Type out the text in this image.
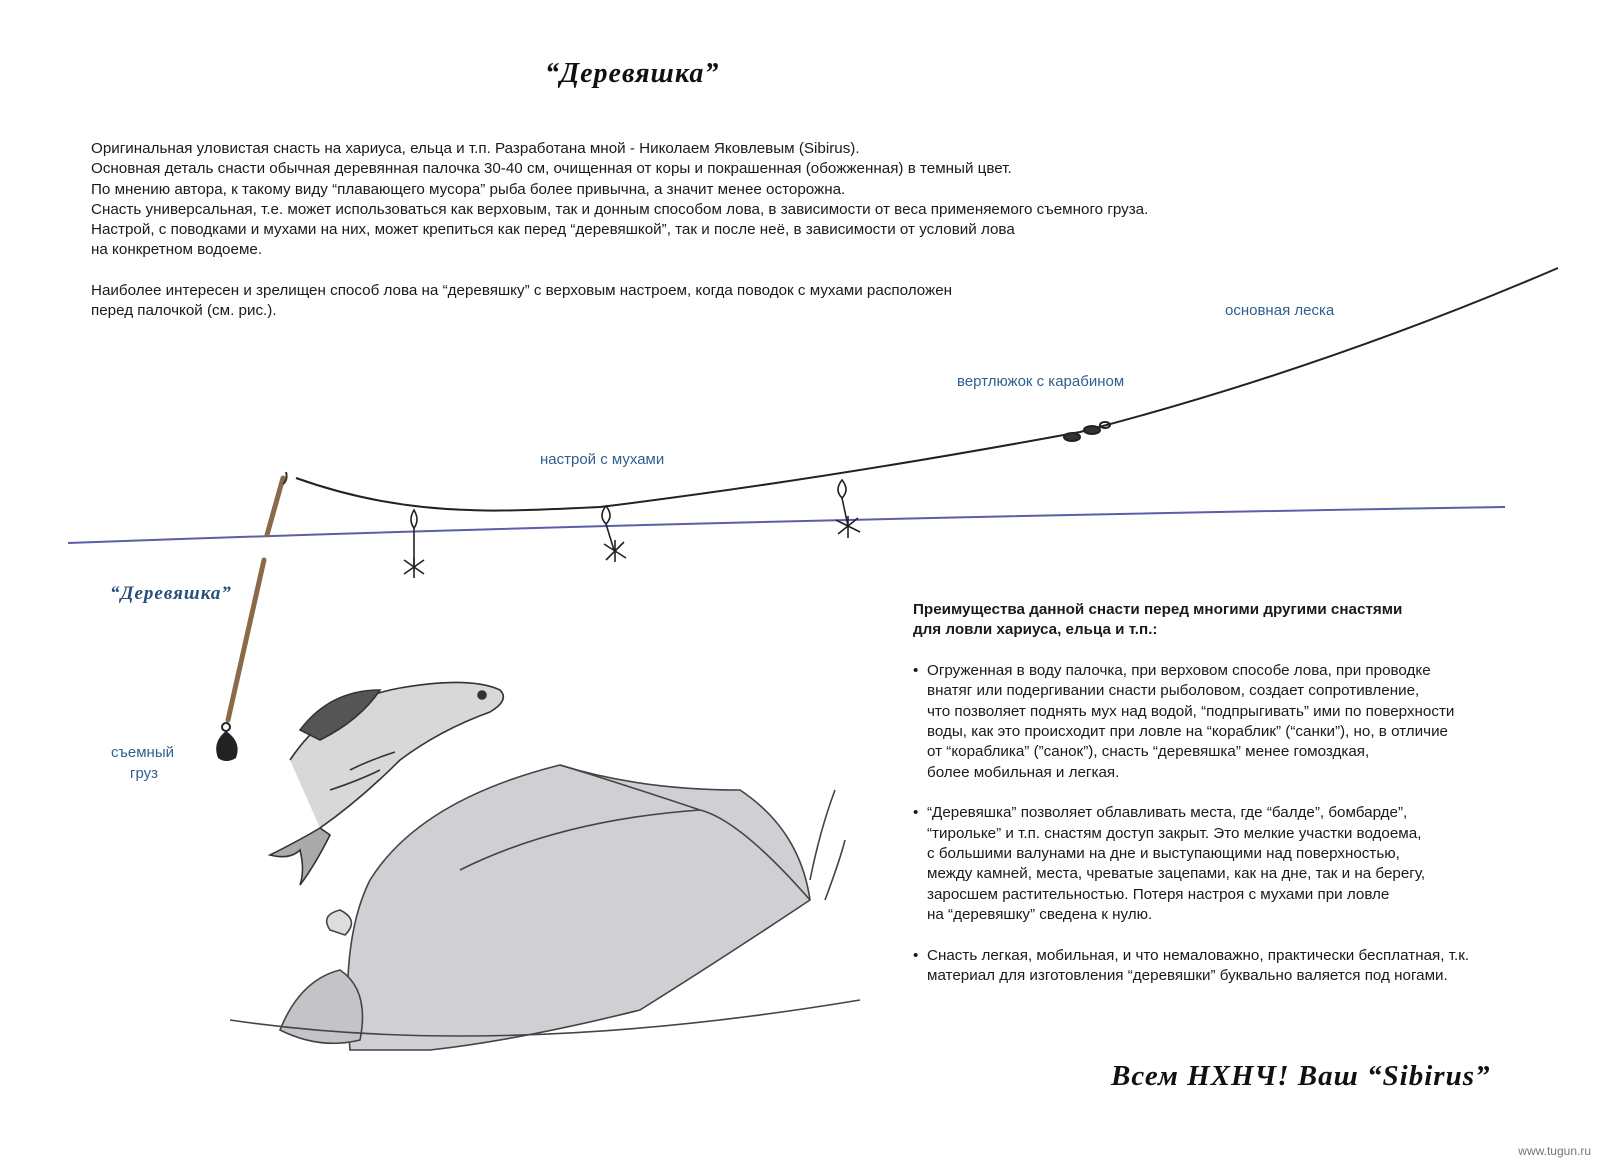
“Деревяшка”

Оригинальная уловистая снасть на хариуса, ельца и т.п. Разработана мной - Николаем Яковлевым (Sibirus).

Основная деталь снасти обычная деревянная палочка 30-40 см, очищенная от коры и покрашенная (обожженная) в темный цвет.

По мнению автора, к такому виду “плавающего мусора” рыба более привычна, а значит менее осторожна.

Снасть универсальная, т.е. может использоваться как верховым, так и донным способом лова, в зависимости от веса применяемого съемного груза.

Настрой, с поводками и мухами на них, может крепиться как перед “деревяшкой”, так и после неё, в зависимости от условий лова

на конкретном водоеме.

Наиболее интересен и зрелищен способ лова на “деревяшку” с верховым настроем, когда поводок с мухами расположен

перед палочкой (см. рис.).	основная леска
вертлюжок с карабином
настрой с мухами
“Деревяшка”
съемный
груз
Преимущества данной снасти перед многими другими снастями
для ловли хариуса, ельца и т.п.:
• Огруженная в воду палочка, при верховом способе лова, при проводке
внатяг или подергивании снасти рыболовом, создает сопротивление,
что позволяет поднять мух над водой, “подпрыгивать” ими по поверхности
воды, как это происходит при ловле на “кораблик” (“санки”), но, в отличие
от “кораблика” (”санок”), снасть “деревяшка” менее гомоздкая,
более мобильная и легкая.
• “Деревяшка” позволяет облавливать места, где “балде”, бомбарде”,
“тирольке” и т.п. снастям доступ закрыт. Это мелкие участки водоема,
с большими валунами на дне и выступающими над поверхностью,
между камней, места, чреватые зацепами, как на дне, так и на берегу,
заросшем растительностью. Потеря настроя с мухами при ловле
на “деревяшку” сведена к нулю.
• Снасть легкая, мобильная, и что немаловажно, практически бесплатная, т.к.
материал для изготовления “деревяшки” буквально валяется под ногами.
Всем НХНЧ! Ваш “Sibirus”
www.tugun.ru
